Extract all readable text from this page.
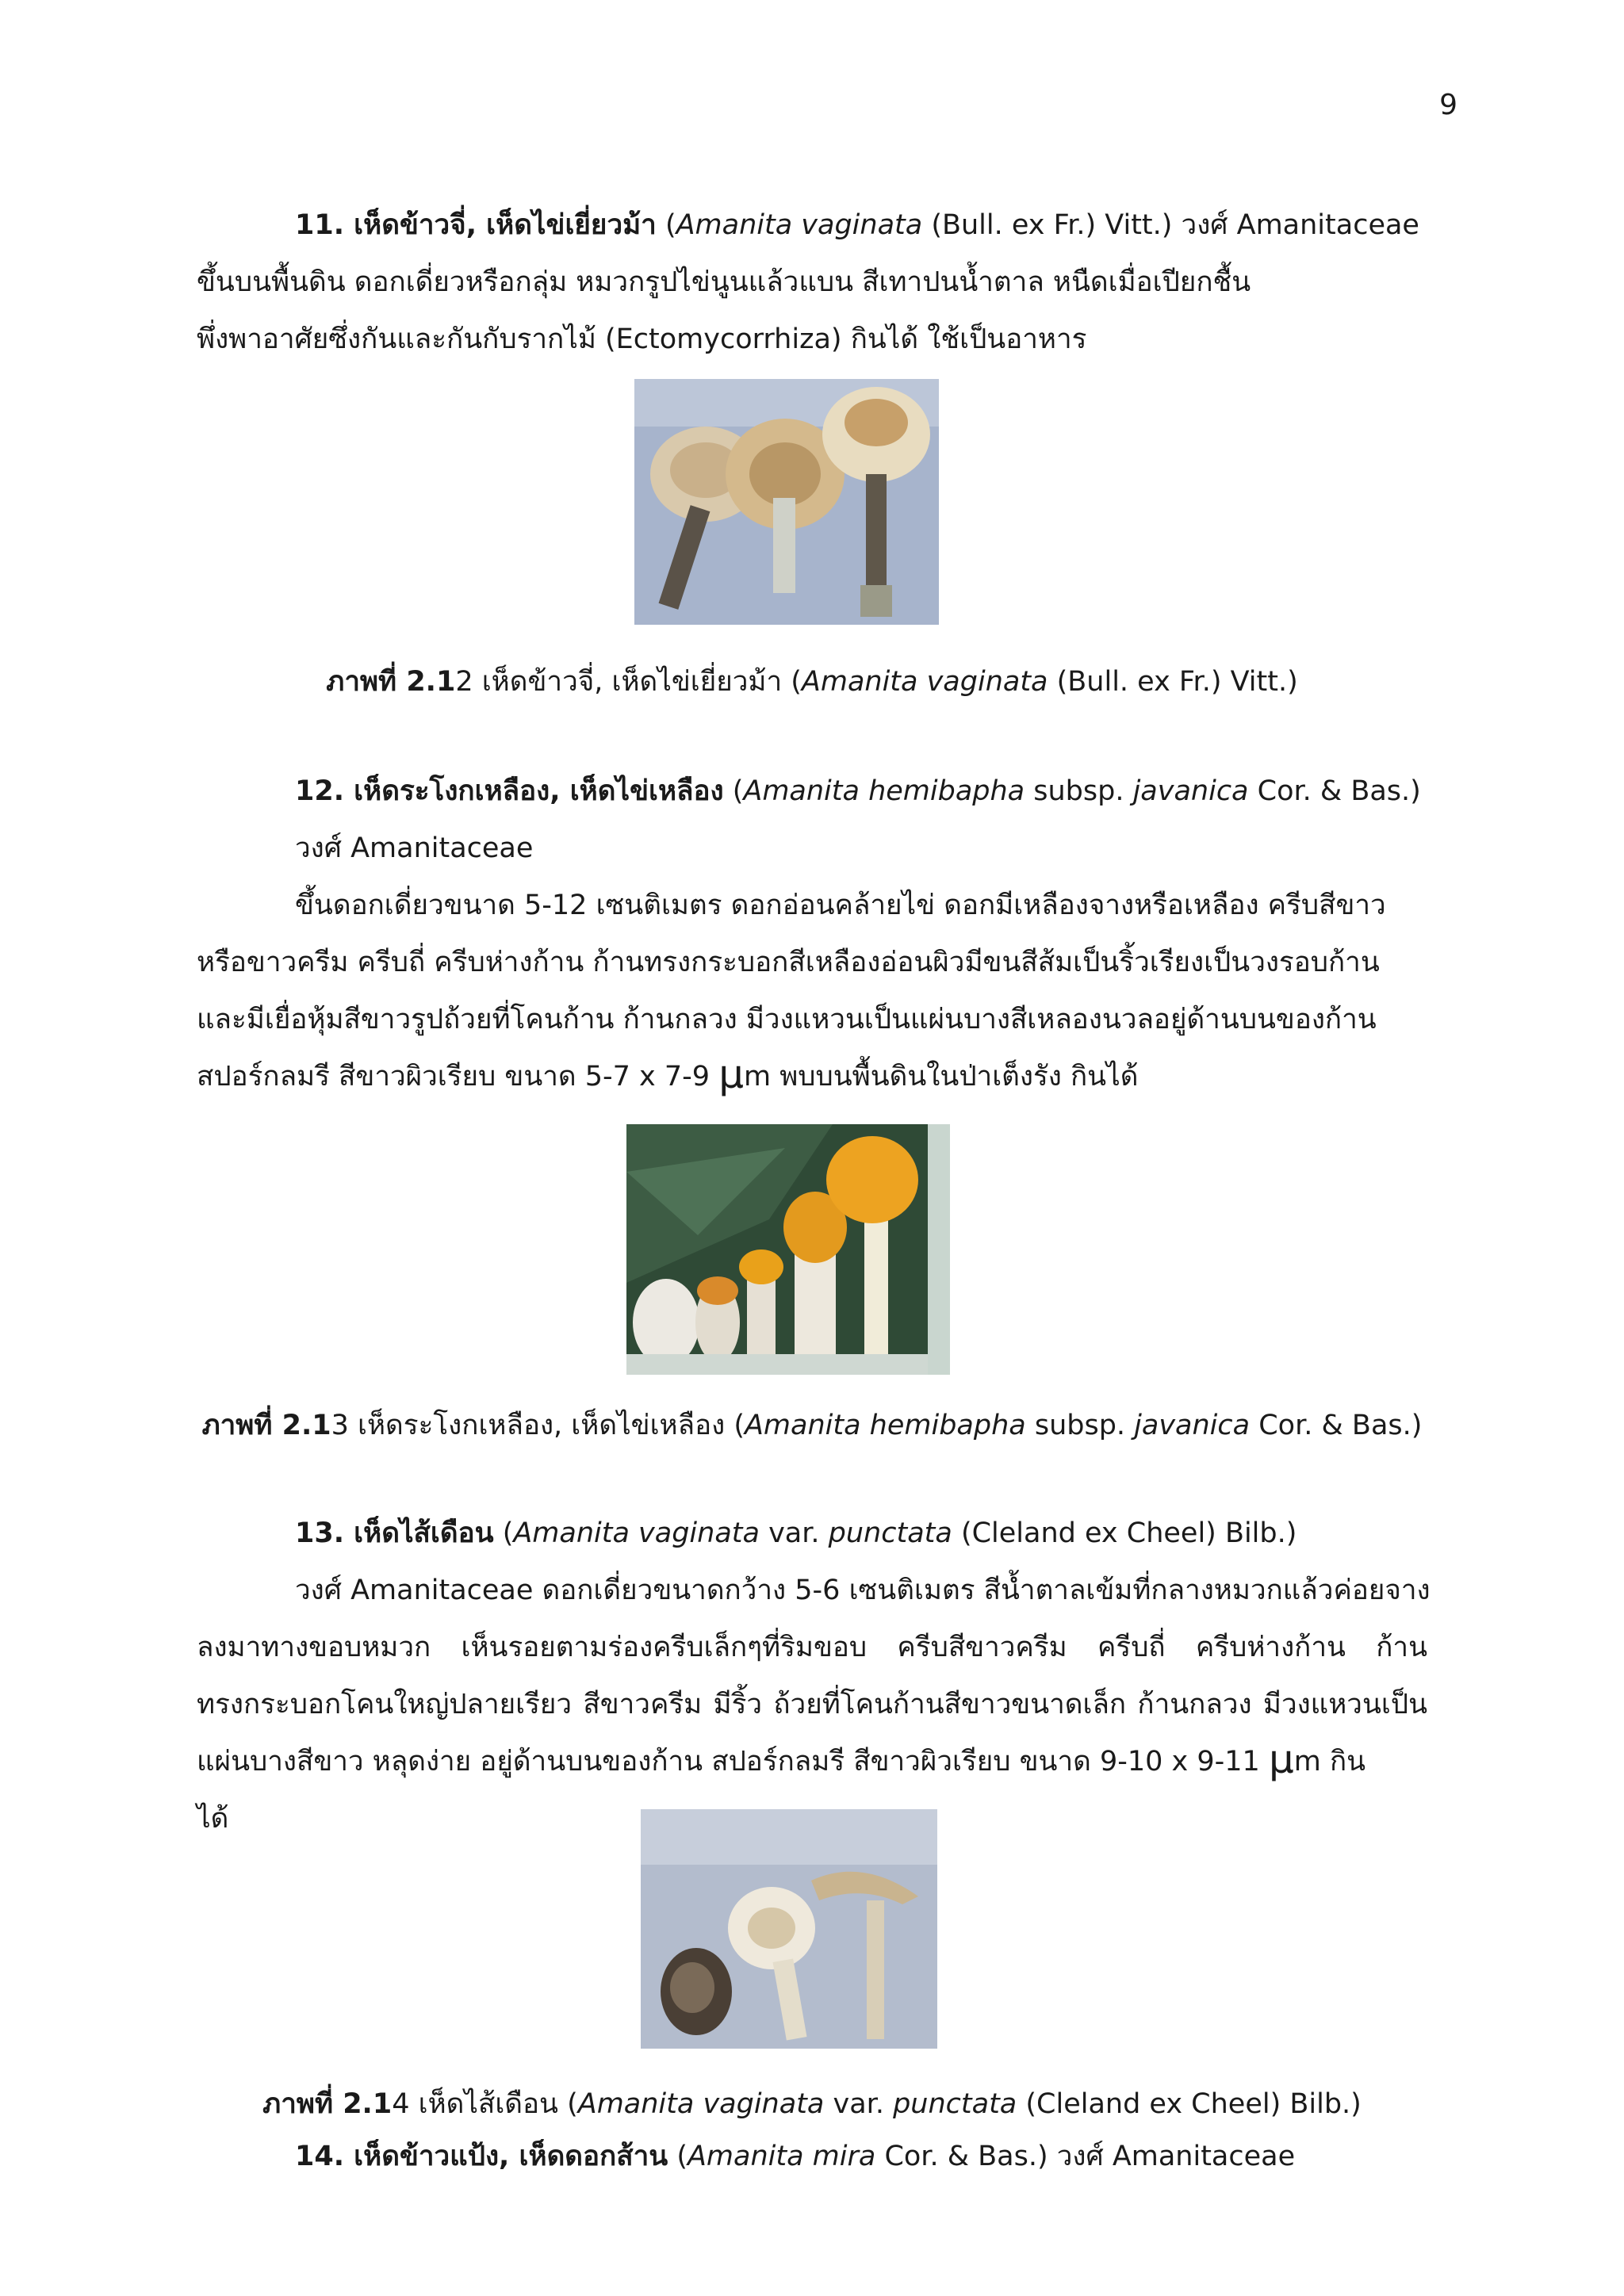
9
11. เห็ดข้าวจี่, เห็ดไข่เยี่ยวม้า (Amanita vaginata (Bull. ex Fr.) Vitt.) วงศ์ Amanitaceae
ขึ้นบนพื้นดิน ดอกเดี่ยวหรือกลุ่ม หมวกรูปไข่นูนแล้วแบน สีเทาปนน้ำตาล หนืดเมื่อเปียกชื้น
พึ่งพาอาศัยซึ่งกันและกันกับรากไม้ (Ectomycorrhiza) กินได้ ใช้เป็นอาหาร
ภาพที่ 2.12 เห็ดข้าวจี่, เห็ดไข่เยี่ยวม้า (Amanita vaginata (Bull. ex Fr.) Vitt.)
12. เห็ดระโงกเหลือง, เห็ดไข่เหลือง (Amanita hemibapha subsp. javanica Cor. & Bas.)
วงศ์ Amanitaceae
ขึ้นดอกเดี่ยวขนาด 5-12 เซนติเมตร ดอกอ่อนคล้ายไข่ ดอกมีเหลืองจางหรือเหลือง ครีบสีขาว
หรือขาวครีม ครีบถี่ ครีบห่างก้าน ก้านทรงกระบอกสีเหลืองอ่อนผิวมีขนสีส้มเป็นริ้วเรียงเป็นวงรอบก้าน
และมีเยื่อหุ้มสีขาวรูปถ้วยที่โคนก้าน ก้านกลวง มีวงแหวนเป็นแผ่นบางสีเหลองนวลอยู่ด้านบนของก้าน
สปอร์กลมรี สีขาวผิวเรียบ ขนาด 5-7 x 7-9 μm พบบนพื้นดินในป่าเต็งรัง กินได้
ภาพที่ 2.13 เห็ดระโงกเหลือง, เห็ดไข่เหลือง (Amanita hemibapha subsp. javanica Cor. & Bas.)
13. เห็ดไส้เดือน (Amanita vaginata var. punctata (Cleland ex Cheel) Bilb.)
วงศ์ Amanitaceae ดอกเดี่ยวขนาดกว้าง 5-6 เซนติเมตร สีน้ำตาลเข้มที่กลางหมวกแล้วค่อยจาง
ลงมาทางขอบหมวก เห็นรอยตามร่องครีบเล็กๆที่ริมขอบ ครีบสีขาวครีม ครีบถี่ ครีบห่างก้าน ก้าน
ทรงกระบอกโคนใหญ่ปลายเรียว สีขาวครีม มีริ้ว ถ้วยที่โคนก้านสีขาวขนาดเล็ก ก้านกลวง มีวงแหวนเป็น
แผ่นบางสีขาว หลุดง่าย อยู่ด้านบนของก้าน สปอร์กลมรี สีขาวผิวเรียบ ขนาด 9-10 x 9-11 μm กิน
ได้
ภาพที่ 2.14 เห็ดไส้เดือน (Amanita vaginata var. punctata (Cleland ex Cheel) Bilb.)
14. เห็ดข้าวแป้ง, เห็ดดอกส้าน (Amanita mira Cor. & Bas.) วงศ์ Amanitaceae
